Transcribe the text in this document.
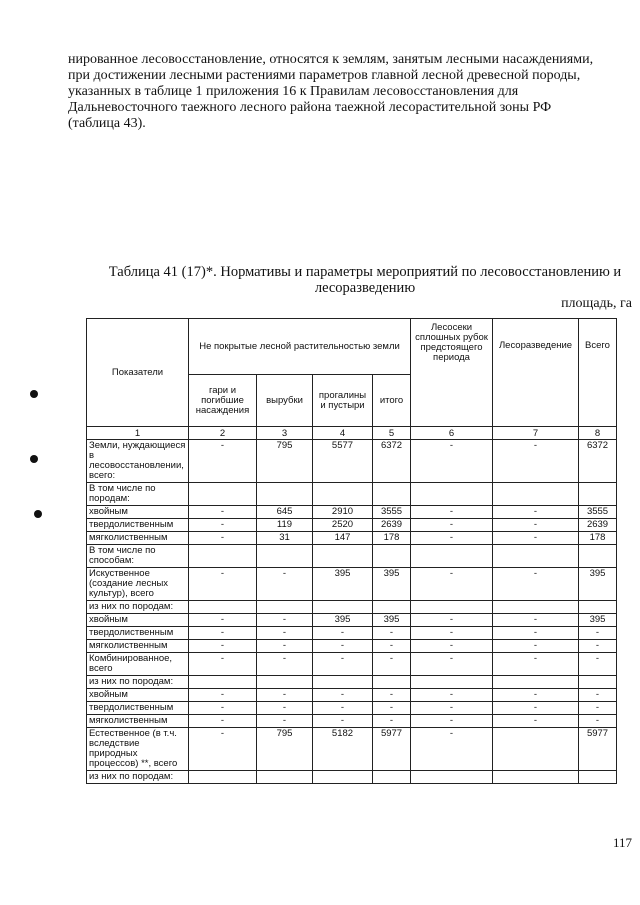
нированное лесовосстановление, относятся к землям, занятым лесными насаждениями,
при достижении лесными растениями параметров главной лесной древесной породы,
указанных в таблице 1 приложения 16 к Правилам лесовосстановления для
Дальневосточного таежного лесного района таежной лесорастительной зоны РФ
(таблица 43).

Таблица 41 (17)*. Нормативы и параметры мероприятий по лесовосстановлению и лесоразведению

площадь, га
Показатели	Не покрытые лесной растительностью земли				Лесосеки сплошных рубок предстоящего периода	Лесоразведение	Всего
	гари и погибшие насаждения	вырубки	прогалины и пустыри	итого			
1	2	3	4	5	6	7	8
Земли, нуждающиеся в лесовосстановлении, всего:	-	795	5577	6372	-	-	6372
В том числе по породам:							
хвойным	-	645	2910	3555	-	-	3555
твердолиственным	-	119	2520	2639	-	-	2639
мягколиственным	-	31	147	178	-	-	178
В том числе по способам:							
Искуственное (создание лесных культур), всего	-	-	395	395	-	-	395
из них по породам:							
хвойным	-	-	395	395	-	-	395
твердолиственным	-	-	-	-	-	-	-
мягколиственным	-	-	-	-	-	-	-
Комбинированное, всего	-	-	-	-	-	-	-
из них по породам:							
хвойным	-	-	-	-	-	-	-
твердолиственным	-	-	-	-	-	-	-
мягколиственным	-	-	-	-	-	-	-
Естественное (в т.ч. вследствие природных процессов) **, всего	-	795	5182	5977	-		5977
из них по породам:							
117
